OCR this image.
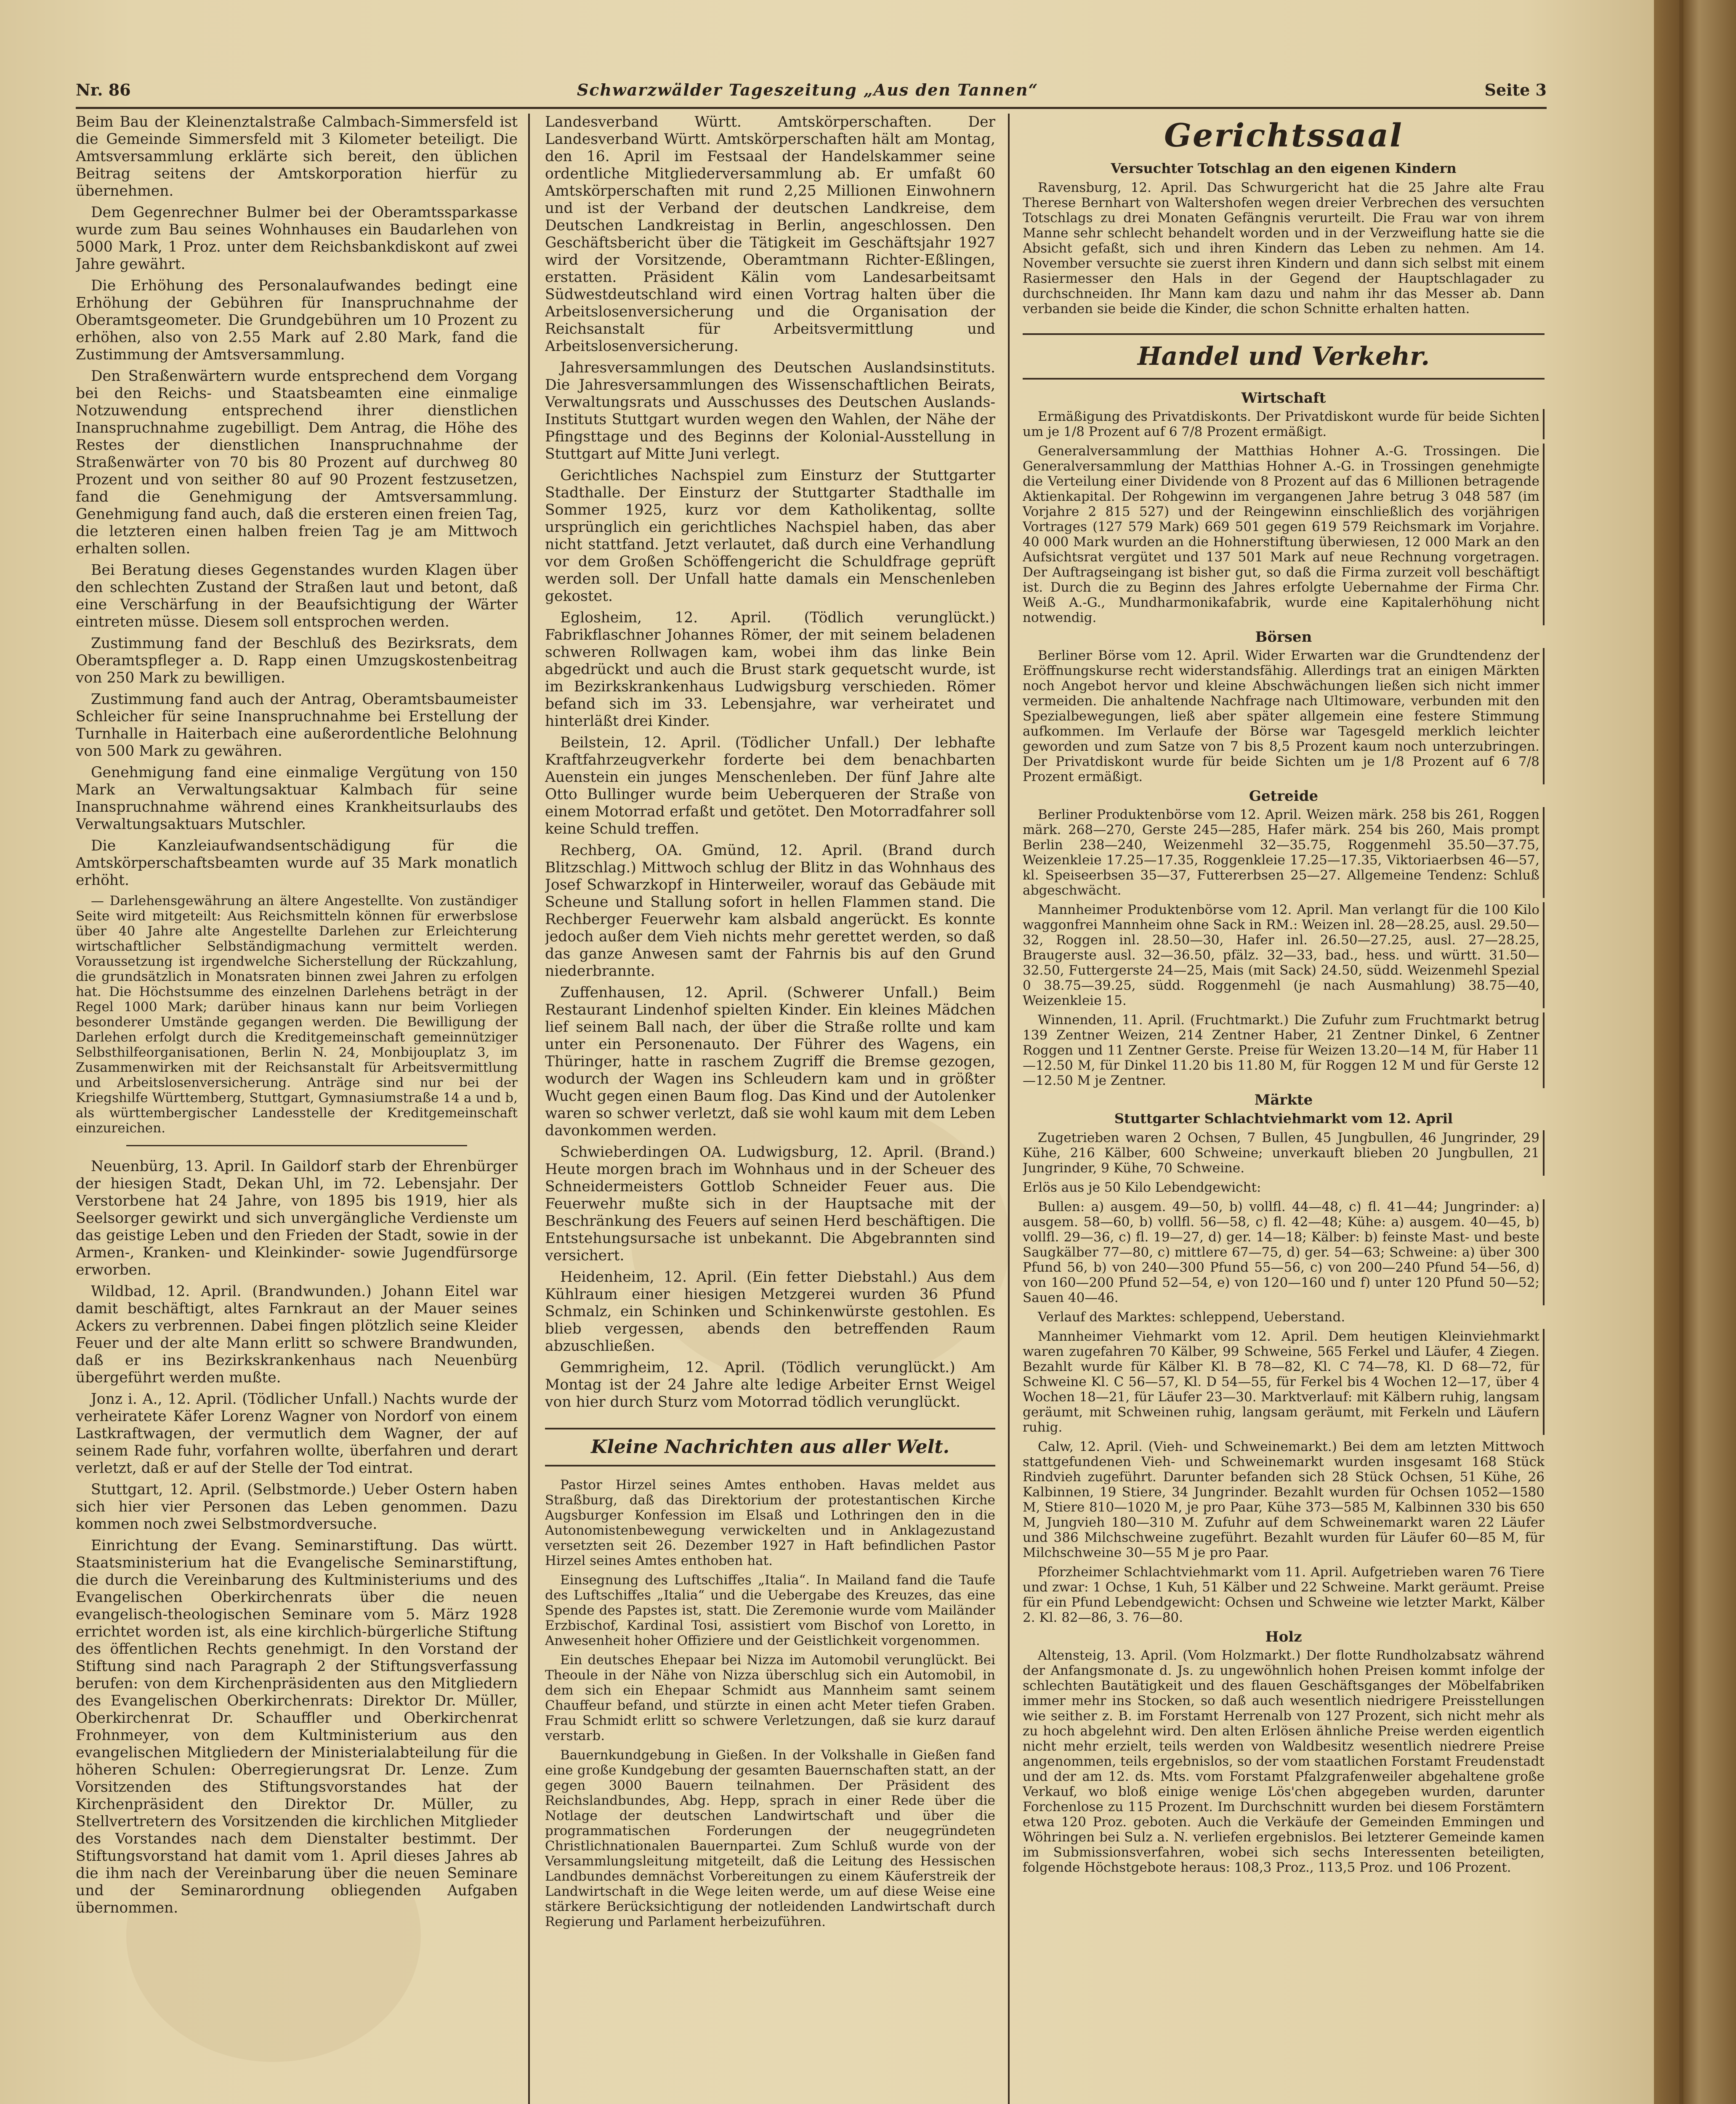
Nr. 86	Schwarzwälder Tageszeitung „Aus den Tannen“	Seite 3

Beim Bau der Kleinenztalstraße Calmbach-Simmersfeld ist die Gemeinde Simmersfeld mit 3 Kilometer beteiligt. Die Amtsversammlung erklärte sich bereit, den üblichen Beitrag seitens der Amtskorporation hierfür zu übernehmen.

Dem Gegenrechner Bulmer bei der Oberamtssparkasse wurde zum Bau seines Wohnhauses ein Baudarlehen von 5000 Mark, 1 Proz. unter dem Reichsbankdiskont auf zwei Jahre gewährt.

Die Erhöhung des Personalaufwandes bedingt eine Erhöhung der Gebühren für Inanspruchnahme der Oberamtsgeometer. Die Grundgebühren um 10 Prozent zu erhöhen, also von 2.55 Mark auf 2.80 Mark, fand die Zustimmung der Amtsversammlung.

Den Straßenwärtern wurde entsprechend dem Vorgang bei den Reichs- und Staatsbeamten eine einmalige Notzuwendung entsprechend ihrer dienstlichen Inanspruchnahme zugebilligt. Dem Antrag, die Höhe des Restes der dienstlichen Inanspruchnahme der Straßenwärter von 70 bis 80 Prozent auf durchweg 80 Prozent und von seither 80 auf 90 Prozent festzusetzen, fand die Genehmigung der Amtsversammlung. Genehmigung fand auch, daß die ersteren einen freien Tag, die letzteren einen halben freien Tag je am Mittwoch erhalten sollen.

Bei Beratung dieses Gegenstandes wurden Klagen über den schlechten Zustand der Straßen laut und betont, daß eine Verschärfung in der Beaufsichtigung der Wärter eintreten müsse. Diesem soll entsprochen werden.

Zustimmung fand der Beschluß des Bezirksrats, dem Oberamtspfleger a. D. Rapp einen Umzugskostenbeitrag von 250 Mark zu bewilligen.

Zustimmung fand auch der Antrag, Oberamtsbaumeister Schleicher für seine Inanspruchnahme bei Erstellung der Turnhalle in Haiterbach eine außerordentliche Belohnung von 500 Mark zu gewähren.

Genehmigung fand eine einmalige Vergütung von 150 Mark an Verwaltungsaktuar Kalmbach für seine Inanspruchnahme während eines Krankheitsurlaubs des Verwaltungsaktuars Mutschler.

Die Kanzleiaufwandsentschädigung für die Amtskörperschaftsbeamten wurde auf 35 Mark monatlich erhöht.

— Darlehensgewährung an ältere Angestellte. Von zuständiger Seite wird mitgeteilt: Aus Reichsmitteln können für erwerbslose über 40 Jahre alte Angestellte Darlehen zur Erleichterung wirtschaftlicher Selbständigmachung vermittelt werden. Voraussetzung ist irgendwelche Sicherstellung der Rückzahlung, die grundsätzlich in Monatsraten binnen zwei Jahren zu erfolgen hat. Die Höchstsumme des einzelnen Darlehens beträgt in der Regel 1000 Mark; darüber hinaus kann nur beim Vorliegen besonderer Umstände gegangen werden. Die Bewilligung der Darlehen erfolgt durch die Kreditgemeinschaft gemeinnütziger Selbsthilfeorganisationen, Berlin N. 24, Monbijouplatz 3, im Zusammenwirken mit der Reichsanstalt für Arbeitsvermittlung und Arbeitslosenversicherung. Anträge sind nur bei der Kriegshilfe Württemberg, Stuttgart, Gymnasiumstraße 14 a und b, als württembergischer Landesstelle der Kreditgemeinschaft einzureichen.

Neuenbürg, 13. April. In Gaildorf starb der Ehrenbürger der hiesigen Stadt, Dekan Uhl, im 72. Lebensjahr. Der Verstorbene hat 24 Jahre, von 1895 bis 1919, hier als Seelsorger gewirkt und sich unvergängliche Verdienste um das geistige Leben und den Frieden der Stadt, sowie in der Armen-, Kranken- und Kleinkinder- sowie Jugendfürsorge erworben.

Wildbad, 12. April. (Brandwunden.) Johann Eitel war damit beschäftigt, altes Farnkraut an der Mauer seines Ackers zu verbrennen. Dabei fingen plötzlich seine Kleider Feuer und der alte Mann erlitt so schwere Brandwunden, daß er ins Bezirkskrankenhaus nach Neuenbürg übergeführt werden mußte.

Jonz i. A., 12. April. (Tödlicher Unfall.) Nachts wurde der verheiratete Käfer Lorenz Wagner von Nordorf von einem Lastkraftwagen, der vermutlich dem Wagner, der auf seinem Rade fuhr, vorfahren wollte, überfahren und derart verletzt, daß er auf der Stelle der Tod eintrat.

Stuttgart, 12. April. (Selbstmorde.) Ueber Ostern haben sich hier vier Personen das Leben genommen. Dazu kommen noch zwei Selbstmordversuche.

Einrichtung der Evang. Seminarstiftung. Das württ. Staatsministerium hat die Evangelische Seminarstiftung, die durch die Vereinbarung des Kultministeriums und des Evangelischen Oberkirchenrats über die neuen evangelisch-theologischen Seminare vom 5. März 1928 errichtet worden ist, als eine kirchlich-bürgerliche Stiftung des öffentlichen Rechts genehmigt. In den Vorstand der Stiftung sind nach Paragraph 2 der Stiftungsverfassung berufen: von dem Kirchenpräsidenten aus den Mitgliedern des Evangelischen Oberkirchenrats: Direktor Dr. Müller, Oberkirchenrat Dr. Schauffler und Oberkirchenrat Frohnmeyer, von dem Kultministerium aus den evangelischen Mitgliedern der Ministerialabteilung für die höheren Schulen: Oberregierungsrat Dr. Lenze. Zum Vorsitzenden des Stiftungsvorstandes hat der Kirchenpräsident den Direktor Dr. Müller, zu Stellvertretern des Vorsitzenden die kirchlichen Mitglieder des Vorstandes nach dem Dienstalter bestimmt. Der Stiftungsvorstand hat damit vom 1. April dieses Jahres ab die ihm nach der Vereinbarung über die neuen Seminare und der Seminarordnung obliegenden Aufgaben übernommen.

Landesverband Württ. Amtskörperschaften. Der Landesverband Württ. Amtskörperschaften hält am Montag, den 16. April im Festsaal der Handelskammer seine ordentliche Mitgliederversammlung ab. Er umfaßt 60 Amtskörperschaften mit rund 2,25 Millionen Einwohnern und ist der Verband der deutschen Landkreise, dem Deutschen Landkreistag in Berlin, angeschlossen. Den Geschäftsbericht über die Tätigkeit im Geschäftsjahr 1927 wird der Vorsitzende, Oberamtmann Richter-Eßlingen, erstatten. Präsident Kälin vom Landesarbeitsamt Südwestdeutschland wird einen Vortrag halten über die Arbeitslosenversicherung und die Organisation der Reichsanstalt für Arbeitsvermittlung und Arbeitslosenversicherung.

Jahresversammlungen des Deutschen Auslandsinstituts. Die Jahresversammlungen des Wissenschaftlichen Beirats, Verwaltungsrats und Ausschusses des Deutschen Auslands-Instituts Stuttgart wurden wegen den Wahlen, der Nähe der Pfingsttage und des Beginns der Kolonial-Ausstellung in Stuttgart auf Mitte Juni verlegt.

Gerichtliches Nachspiel zum Einsturz der Stuttgarter Stadthalle. Der Einsturz der Stuttgarter Stadthalle im Sommer 1925, kurz vor dem Katholikentag, sollte ursprünglich ein gerichtliches Nachspiel haben, das aber nicht stattfand. Jetzt verlautet, daß durch eine Verhandlung vor dem Großen Schöffengericht die Schuldfrage geprüft werden soll. Der Unfall hatte damals ein Menschenleben gekostet.

Eglosheim, 12. April. (Tödlich verunglückt.) Fabrikflaschner Johannes Römer, der mit seinem beladenen schweren Rollwagen kam, wobei ihm das linke Bein abgedrückt und auch die Brust stark gequetscht wurde, ist im Bezirkskrankenhaus Ludwigsburg verschieden. Römer befand sich im 33. Lebensjahre, war verheiratet und hinterläßt drei Kinder.

Beilstein, 12. April. (Tödlicher Unfall.) Der lebhafte Kraftfahrzeugverkehr forderte bei dem benachbarten Auenstein ein junges Menschenleben. Der fünf Jahre alte Otto Bullinger wurde beim Ueberqueren der Straße von einem Motorrad erfaßt und getötet. Den Motorradfahrer soll keine Schuld treffen.

Rechberg, OA. Gmünd, 12. April. (Brand durch Blitzschlag.) Mittwoch schlug der Blitz in das Wohnhaus des Josef Schwarzkopf in Hinterweiler, worauf das Gebäude mit Scheune und Stallung sofort in hellen Flammen stand. Die Rechberger Feuerwehr kam alsbald angerückt. Es konnte jedoch außer dem Vieh nichts mehr gerettet werden, so daß das ganze Anwesen samt der Fahrnis bis auf den Grund niederbrannte.

Zuffenhausen, 12. April. (Schwerer Unfall.) Beim Restaurant Lindenhof spielten Kinder. Ein kleines Mädchen lief seinem Ball nach, der über die Straße rollte und kam unter ein Personenauto. Der Führer des Wagens, ein Thüringer, hatte in raschem Zugriff die Bremse gezogen, wodurch der Wagen ins Schleudern kam und in größter Wucht gegen einen Baum flog. Das Kind und der Autolenker waren so schwer verletzt, daß sie wohl kaum mit dem Leben davonkommen werden.

Schwieberdingen OA. Ludwigsburg, 12. April. (Brand.) Heute morgen brach im Wohnhaus und in der Scheuer des Schneidermeisters Gottlob Schneider Feuer aus. Die Feuerwehr mußte sich in der Hauptsache mit der Beschränkung des Feuers auf seinen Herd beschäftigen. Die Entstehungsursache ist unbekannt. Die Abgebrannten sind versichert.

Heidenheim, 12. April. (Ein fetter Diebstahl.) Aus dem Kühlraum einer hiesigen Metzgerei wurden 36 Pfund Schmalz, ein Schinken und Schinkenwürste gestohlen. Es blieb vergessen, abends den betreffenden Raum abzuschließen.

Gemmrigheim, 12. April. (Tödlich verunglückt.) Am Montag ist der 24 Jahre alte ledige Arbeiter Ernst Weigel von hier durch Sturz vom Motorrad tödlich verunglückt.

Kleine Nachrichten aus aller Welt.

Pastor Hirzel seines Amtes enthoben. Havas meldet aus Straßburg, daß das Direktorium der protestantischen Kirche Augsburger Konfession im Elsaß und Lothringen den in die Autonomistenbewegung verwickelten und in Anklagezustand versetzten seit 26. Dezember 1927 in Haft befindlichen Pastor Hirzel seines Amtes enthoben hat.

Einsegnung des Luftschiffes „Italia“. In Mailand fand die Taufe des Luftschiffes „Italia“ und die Uebergabe des Kreuzes, das eine Spende des Papstes ist, statt. Die Zeremonie wurde vom Mailänder Erzbischof, Kardinal Tosi, assistiert vom Bischof von Loretto, in Anwesenheit hoher Offiziere und der Geistlichkeit vorgenommen.

Ein deutsches Ehepaar bei Nizza im Automobil verunglückt. Bei Theoule in der Nähe von Nizza überschlug sich ein Automobil, in dem sich ein Ehepaar Schmidt aus Mannheim samt seinem Chauffeur befand, und stürzte in einen acht Meter tiefen Graben. Frau Schmidt erlitt so schwere Verletzungen, daß sie kurz darauf verstarb.

Bauernkundgebung in Gießen. In der Volkshalle in Gießen fand eine große Kundgebung der gesamten Bauernschaften statt, an der gegen 3000 Bauern teilnahmen. Der Präsident des Reichslandbundes, Abg. Hepp, sprach in einer Rede über die Notlage der deutschen Landwirtschaft und über die programmatischen Forderungen der neugegründeten Christlichnationalen Bauernpartei. Zum Schluß wurde von der Versammlungsleitung mitgeteilt, daß die Leitung des Hessischen Landbundes demnächst Vorbereitungen zu einem Käuferstreik der Landwirtschaft in die Wege leiten werde, um auf diese Weise eine stärkere Berücksichtigung der notleidenden Landwirtschaft durch Regierung und Parlament herbeizuführen.

Gerichtssaal
Versuchter Totschlag an den eigenen Kindern

Ravensburg, 12. April. Das Schwurgericht hat die 25 Jahre alte Frau Therese Bernhart von Waltershofen wegen dreier Verbrechen des versuchten Totschlags zu drei Monaten Gefängnis verurteilt. Die Frau war von ihrem Manne sehr schlecht behandelt worden und in der Verzweiflung hatte sie die Absicht gefaßt, sich und ihren Kindern das Leben zu nehmen. Am 14. November versuchte sie zuerst ihren Kindern und dann sich selbst mit einem Rasiermesser den Hals in der Gegend der Hauptschlagader zu durchschneiden. Ihr Mann kam dazu und nahm ihr das Messer ab. Dann verbanden sie beide die Kinder, die schon Schnitte erhalten hatten.

Handel und Verkehr.
Wirtschaft

Ermäßigung des Privatdiskonts. Der Privatdiskont wurde für beide Sichten um je 1/8 Prozent auf 6 7/8 Prozent ermäßigt.

Generalversammlung der Matthias Hohner A.-G. Trossingen. Die Generalversammlung der Matthias Hohner A.-G. in Trossingen genehmigte die Verteilung einer Dividende von 8 Prozent auf das 6 Millionen betragende Aktienkapital. Der Rohgewinn im vergangenen Jahre betrug 3 048 587 (im Vorjahre 2 815 527) und der Reingewinn einschließlich des vorjährigen Vortrages (127 579 Mark) 669 501 gegen 619 579 Reichsmark im Vorjahre. 40 000 Mark wurden an die Hohnerstiftung überwiesen, 12 000 Mark an den Aufsichtsrat vergütet und 137 501 Mark auf neue Rechnung vorgetragen. Der Auftragseingang ist bisher gut, so daß die Firma zurzeit voll beschäftigt ist. Durch die zu Beginn des Jahres erfolgte Uebernahme der Firma Chr. Weiß A.-G., Mundharmonikafabrik, wurde eine Kapitalerhöhung nicht notwendig.

Börsen

Berliner Börse vom 12. April. Wider Erwarten war die Grundtendenz der Eröffnungskurse recht widerstandsfähig. Allerdings trat an einigen Märkten noch Angebot hervor und kleine Abschwächungen ließen sich nicht immer vermeiden. Die anhaltende Nachfrage nach Ultimoware, verbunden mit den Spezialbewegungen, ließ aber später allgemein eine festere Stimmung aufkommen. Im Verlaufe der Börse war Tagesgeld merklich leichter geworden und zum Satze von 7 bis 8,5 Prozent kaum noch unterzubringen. Der Privatdiskont wurde für beide Sichten um je 1/8 Prozent auf 6 7/8 Prozent ermäßigt.

Getreide

Berliner Produktenbörse vom 12. April. Weizen märk. 258 bis 261, Roggen märk. 268—270, Gerste 245—285, Hafer märk. 254 bis 260, Mais prompt Berlin 238—240, Weizenmehl 32—35.75, Roggenmehl 35.50—37.75, Weizenkleie 17.25—17.35, Roggenkleie 17.25—17.35, Viktoriaerbsen 46—57, kl. Speiseerbsen 35—37, Futtererbsen 25—27. Allgemeine Tendenz: Schluß abgeschwächt.

Mannheimer Produktenbörse vom 12. April. Man verlangt für die 100 Kilo waggonfrei Mannheim ohne Sack in RM.: Weizen inl. 28—28.25, ausl. 29.50—32, Roggen inl. 28.50—30, Hafer inl. 26.50—27.25, ausl. 27—28.25, Braugerste ausl. 32—36.50, pfälz. 32—33, bad., hess. und württ. 31.50—32.50, Futtergerste 24—25, Mais (mit Sack) 24.50, südd. Weizenmehl Spezial 0 38.75—39.25, südd. Roggenmehl (je nach Ausmahlung) 38.75—40, Weizenkleie 15.

Winnenden, 11. April. (Fruchtmarkt.) Die Zufuhr zum Fruchtmarkt betrug 139 Zentner Weizen, 214 Zentner Haber, 21 Zentner Dinkel, 6 Zentner Roggen und 11 Zentner Gerste. Preise für Weizen 13.20—14 M, für Haber 11—12.50 M, für Dinkel 11.20 bis 11.80 M, für Roggen 12 M und für Gerste 12—12.50 M je Zentner.

Märkte
Stuttgarter Schlachtviehmarkt vom 12. April

Zugetrieben waren 2 Ochsen, 7 Bullen, 45 Jungbullen, 46 Jungrinder, 29 Kühe, 216 Kälber, 600 Schweine; unverkauft blieben 20 Jungbullen, 21 Jungrinder, 9 Kühe, 70 Schweine.

Erlös aus je 50 Kilo Lebendgewicht:

Bullen: a) ausgem. 49—50, b) vollfl. 44—48, c) fl. 41—44; Jungrinder: a) ausgem. 58—60, b) vollfl. 56—58, c) fl. 42—48; Kühe: a) ausgem. 40—45, b) vollfl. 29—36, c) fl. 19—27, d) ger. 14—18; Kälber: b) feinste Mast- und beste Saugkälber 77—80, c) mittlere 67—75, d) ger. 54—63; Schweine: a) über 300 Pfund 56, b) von 240—300 Pfund 55—56, c) von 200—240 Pfund 54—56, d) von 160—200 Pfund 52—54, e) von 120—160 und f) unter 120 Pfund 50—52; Sauen 40—46.

Verlauf des Marktes: schleppend, Ueberstand.

Mannheimer Viehmarkt vom 12. April. Dem heutigen Kleinviehmarkt waren zugefahren 70 Kälber, 99 Schweine, 565 Ferkel und Läufer, 4 Ziegen. Bezahlt wurde für Kälber Kl. B 78—82, Kl. C 74—78, Kl. D 68—72, für Schweine Kl. C 56—57, Kl. D 54—55, für Ferkel bis 4 Wochen 12—17, über 4 Wochen 18—21, für Läufer 23—30. Marktverlauf: mit Kälbern ruhig, langsam geräumt, mit Schweinen ruhig, langsam geräumt, mit Ferkeln und Läufern ruhig.

Calw, 12. April. (Vieh- und Schweinemarkt.) Bei dem am letzten Mittwoch stattgefundenen Vieh- und Schweinemarkt wurden insgesamt 168 Stück Rindvieh zugeführt. Darunter befanden sich 28 Stück Ochsen, 51 Kühe, 26 Kalbinnen, 19 Stiere, 34 Jungrinder. Bezahlt wurden für Ochsen 1052—1580 M, Stiere 810—1020 M, je pro Paar, Kühe 373—585 M, Kalbinnen 330 bis 650 M, Jungvieh 180—310 M. Zufuhr auf dem Schweinemarkt waren 22 Läufer und 386 Milchschweine zugeführt. Bezahlt wurden für Läufer 60—85 M, für Milchschweine 30—55 M je pro Paar.

Pforzheimer Schlachtviehmarkt vom 11. April. Aufgetrieben waren 76 Tiere und zwar: 1 Ochse, 1 Kuh, 51 Kälber und 22 Schweine. Markt geräumt. Preise für ein Pfund Lebendgewicht: Ochsen und Schweine wie letzter Markt, Kälber 2. Kl. 82—86, 3. 76—80.

Holz

Altensteig, 13. April. (Vom Holzmarkt.) Der flotte Rundholzabsatz während der Anfangsmonate d. Js. zu ungewöhnlich hohen Preisen kommt infolge der schlechten Bautätigkeit und des flauen Geschäftsganges der Möbelfabriken immer mehr ins Stocken, so daß auch wesentlich niedrigere Preisstellungen wie seither z. B. im Forstamt Herrenalb von 127 Prozent, sich nicht mehr als zu hoch abgelehnt wird. Den alten Erlösen ähnliche Preise werden eigentlich nicht mehr erzielt, teils werden von Waldbesitz wesentlich niedrere Preise angenommen, teils ergebnislos, so der vom staatlichen Forstamt Freudenstadt und der am 12. ds. Mts. vom Forstamt Pfalzgrafenweiler abgehaltene große Verkauf, wo bloß einige wenige Lös'chen abgegeben wurden, darunter Forchenlose zu 115 Prozent. Im Durchschnitt wurden bei diesem Forstämtern etwa 120 Proz. geboten. Auch die Verkäufe der Gemeinden Emmingen und Wöhringen bei Sulz a. N. verliefen ergebnislos. Bei letzterer Gemeinde kamen im Submissionsverfahren, wobei sich sechs Interessenten beteiligten, folgende Höchstgebote heraus: 108,3 Proz., 113,5 Proz. und 106 Prozent.
